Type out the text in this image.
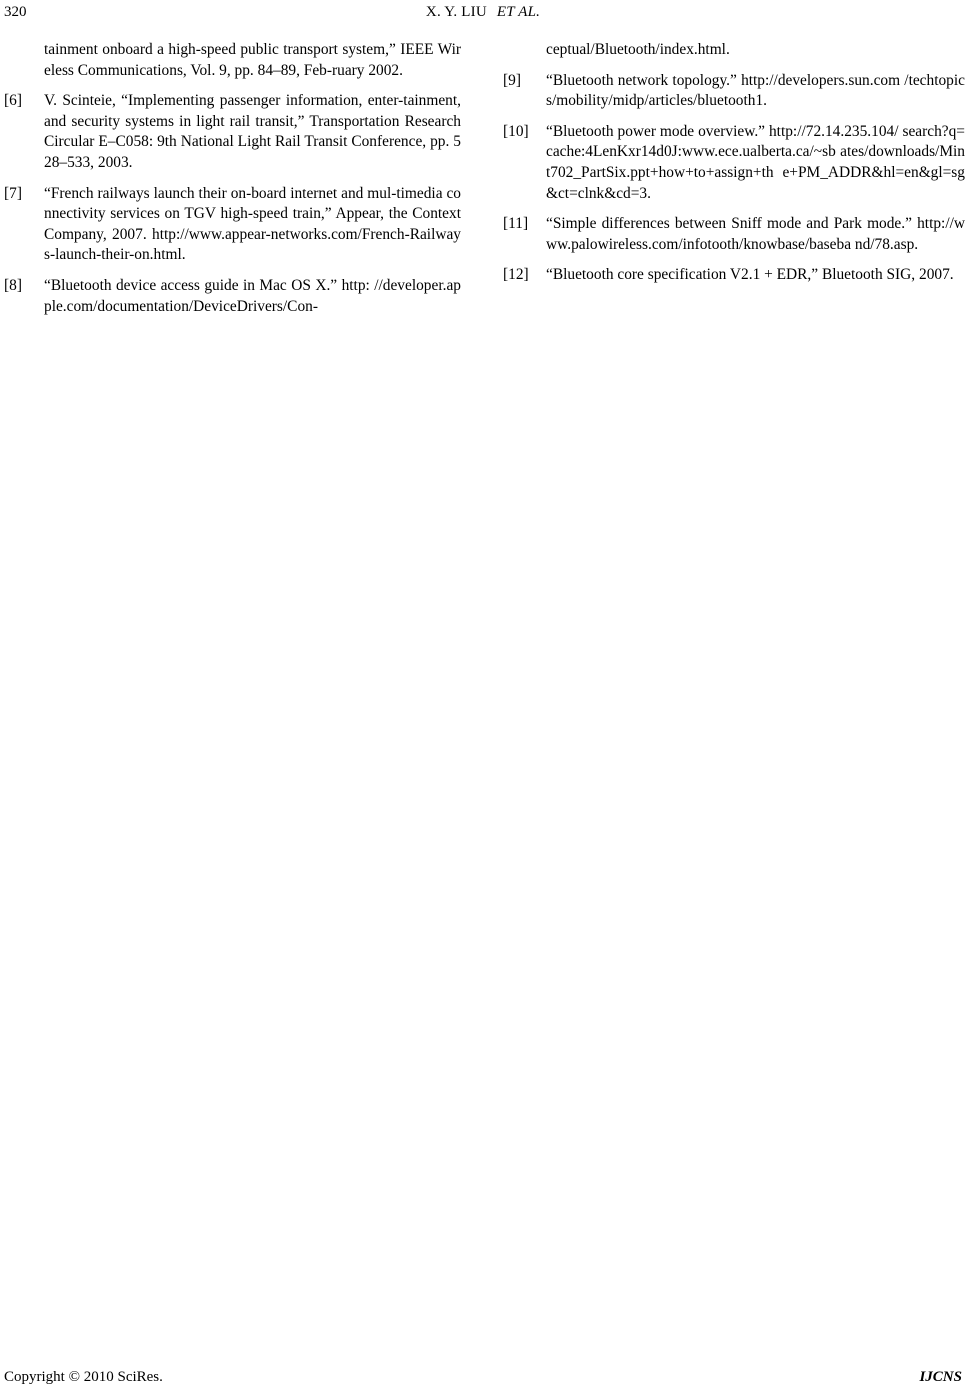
320	X. Y. LIU ET AL.
tainment onboard a high-speed public transport system,” IEEE Wireless Communications, Vol. 9, pp. 84–89, Feb-ruary 2002.
[6] V. Scinteie, “Implementing passenger information, enter-tainment, and security systems in light rail transit,” Transportation Research Circular E–C058: 9th National Light Rail Transit Conference, pp. 528–533, 2003.
[7] “French railways launch their on-board internet and mul-timedia connectivity services on TGV high-speed train,” Appear, the Context Company, 2007. http://www.appear-networks.com/French-Railways-launch-their-on.html.
[8] “Bluetooth device access guide in Mac OS X.” http: //developer.apple.com/documentation/DeviceDrivers/Con-
ceptual/Bluetooth/index.html.
[9] “Bluetooth network topology.” http://developers.sun.com /techtopics/mobility/midp/articles/bluetooth1.
[10] “Bluetooth power mode overview.” http://72.14.235.104/ search?q=cache:4LenKxr14d0J:www.ece.ualberta.ca/~sb ates/downloads/Mint702_PartSix.ppt+how+to+assign+th e+PM_ADDR&hl=en&gl=sg&ct=clnk&cd=3.
[11] “Simple differences between Sniff mode and Park mode.” http://www.palowireless.com/infotooth/knowbase/baseba nd/78.asp.
[12] “Bluetooth core specification V2.1 + EDR,” Bluetooth SIG, 2007.
Copyright © 2010 SciRes.	IJCNS
